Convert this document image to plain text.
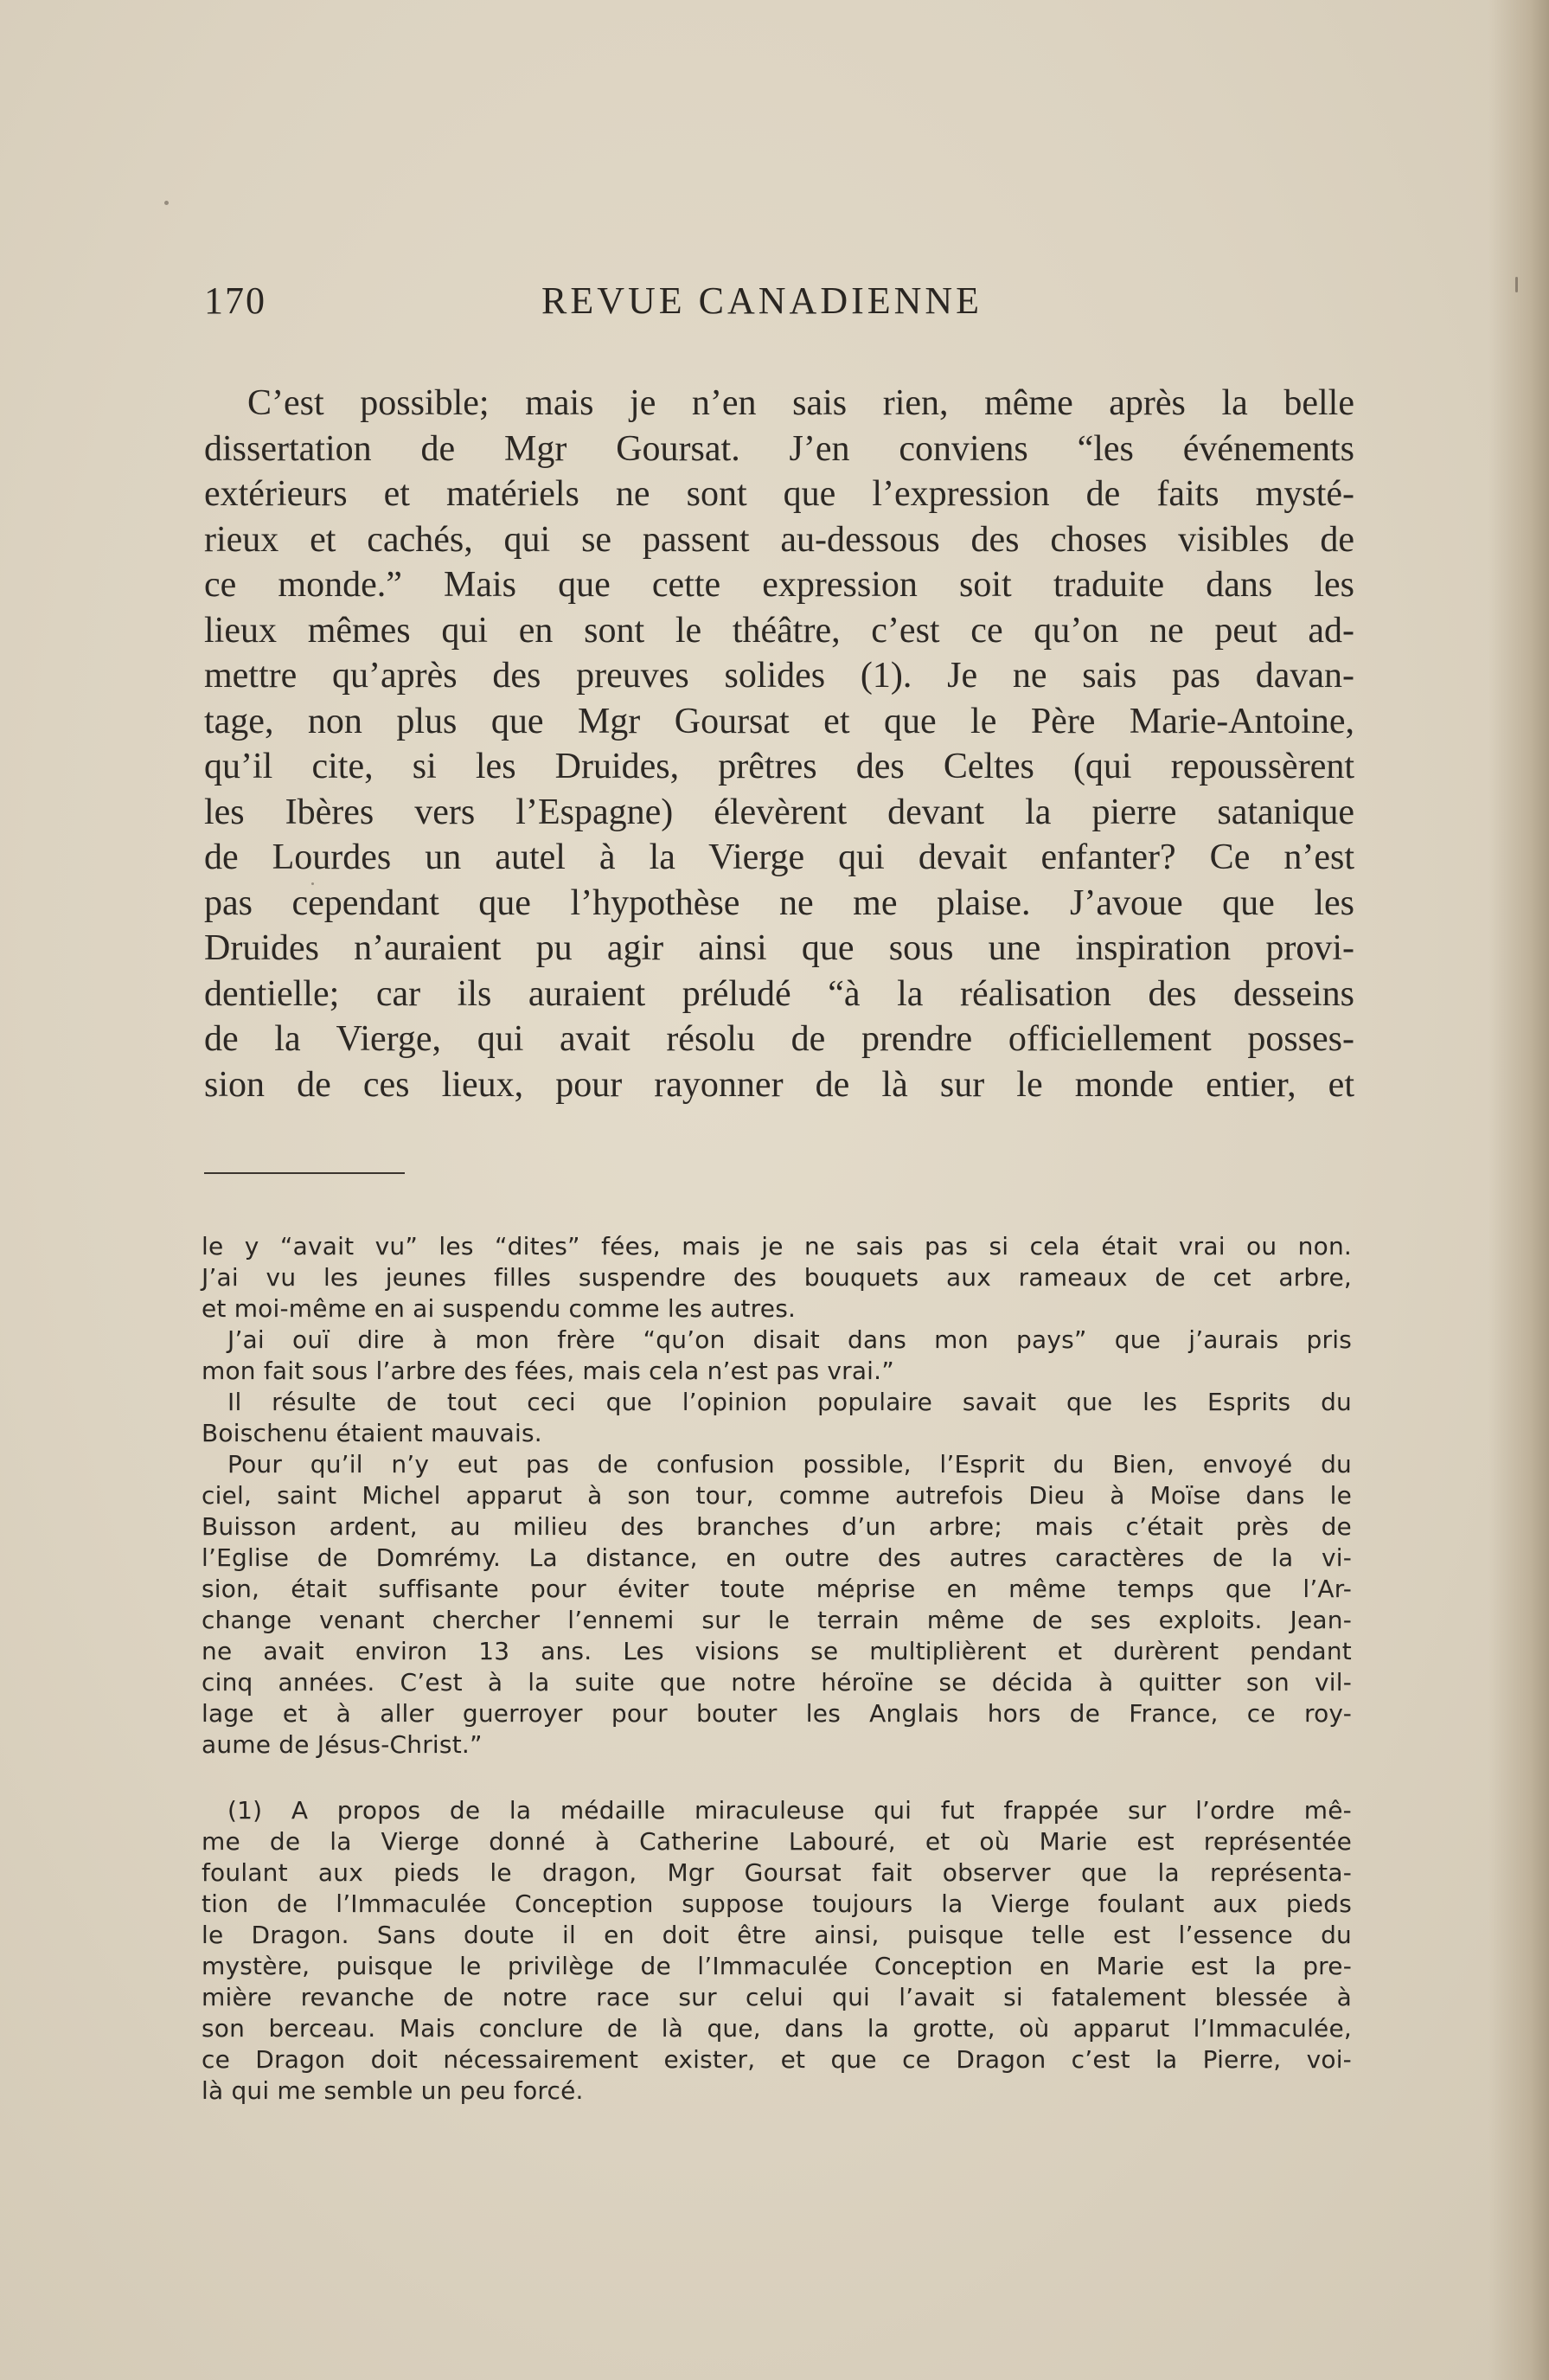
170	REVUE CANADIENNE
C’est possible; mais je n’en sais rien, même après la belle
dissertation de Mgr Goursat. J’en conviens “les événements
extérieurs et matériels ne sont que l’expression de faits mysté-
rieux et cachés, qui se passent au-dessous des choses visibles de
ce monde.” Mais que cette expression soit traduite dans les
lieux mêmes qui en sont le théâtre, c’est ce qu’on ne peut ad-
mettre qu’après des preuves solides (1). Je ne sais pas davan-
tage, non plus que Mgr Goursat et que le Père Marie-Antoine,
qu’il cite, si les Druides, prêtres des Celtes (qui repoussèrent
les Ibères vers l’Espagne) élevèrent devant la pierre satanique
de Lourdes un autel à la Vierge qui devait enfanter? Ce n’est
pas cependant que l’hypothèse ne me plaise. J’avoue que les
Druides n’auraient pu agir ainsi que sous une inspiration provi-
dentielle; car ils auraient préludé “à la réalisation des desseins
de la Vierge, qui avait résolu de prendre officiellement posses-
sion de ces lieux, pour rayonner de là sur le monde entier, et
le y “avait vu” les “dites” fées, mais je ne sais pas si cela était vrai ou non.
J’ai vu les jeunes filles suspendre des bouquets aux rameaux de cet arbre,
et moi-même en ai suspendu comme les autres.
J’ai ouï dire à mon frère “qu’on disait dans mon pays” que j’aurais pris
mon fait sous l’arbre des fées, mais cela n’est pas vrai.”
Il résulte de tout ceci que l’opinion populaire savait que les Esprits du
Boischenu étaient mauvais.
Pour qu’il n’y eut pas de confusion possible, l’Esprit du Bien, envoyé du
ciel, saint Michel apparut à son tour, comme autrefois Dieu à Moïse dans le
Buisson ardent, au milieu des branches d’un arbre; mais c’était près de
l’Eglise de Domrémy. La distance, en outre des autres caractères de la vi-
sion, était suffisante pour éviter toute méprise en même temps que l’Ar-
change venant chercher l’ennemi sur le terrain même de ses exploits. Jean-
ne avait environ 13 ans. Les visions se multiplièrent et durèrent pendant
cinq années. C’est à la suite que notre héroïne se décida à quitter son vil-
lage et à aller guerroyer pour bouter les Anglais hors de France, ce roy-
aume de Jésus-Christ.”
(1) A propos de la médaille miraculeuse qui fut frappée sur l’ordre mê-
me de la Vierge donné à Catherine Labouré, et où Marie est représentée
foulant aux pieds le dragon, Mgr Goursat fait observer que la représenta-
tion de l’Immaculée Conception suppose toujours la Vierge foulant aux pieds
le Dragon. Sans doute il en doit être ainsi, puisque telle est l’essence du
mystère, puisque le privilège de l’Immaculée Conception en Marie est la pre-
mière revanche de notre race sur celui qui l’avait si fatalement blessée à
son berceau. Mais conclure de là que, dans la grotte, où apparut l’Immaculée,
ce Dragon doit nécessairement exister, et que ce Dragon c’est la Pierre, voi-
là qui me semble un peu forcé.
